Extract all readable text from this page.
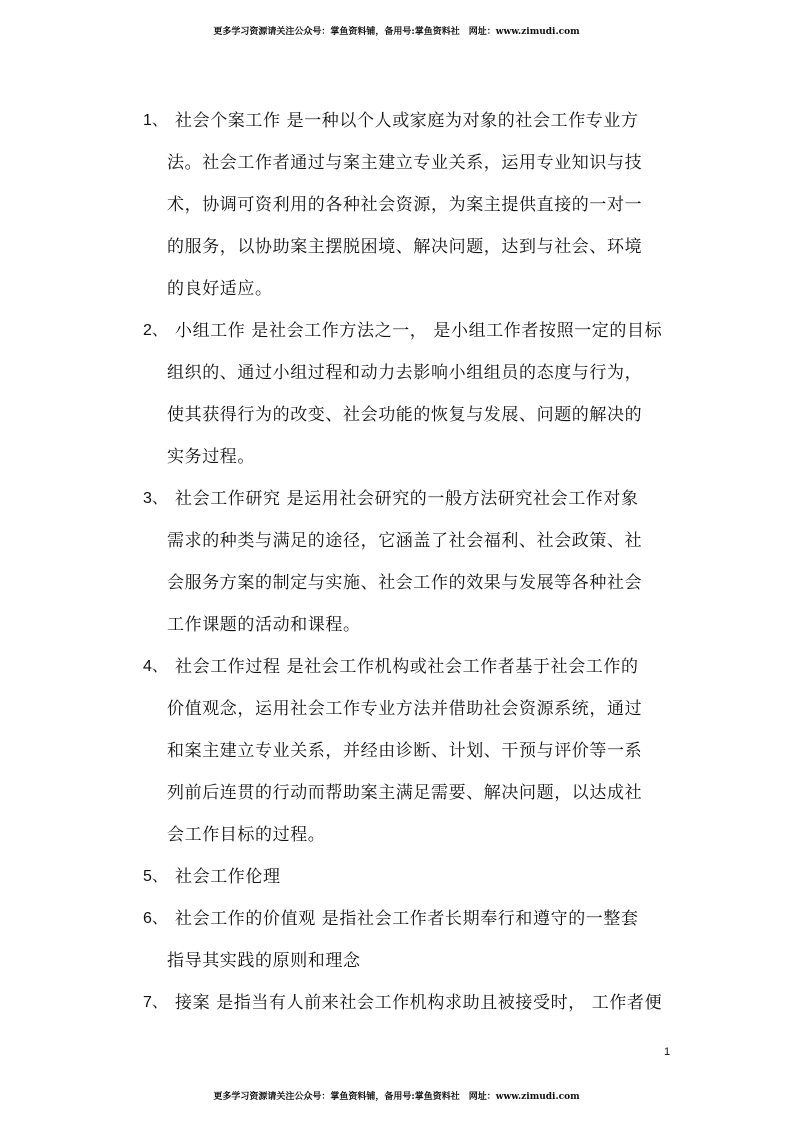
更多学习资源请关注公众号：掌鱼资料铺，备用号:掌鱼资料社　网址：www.zimudi.com
1、 社会个案工作 是一种以个人或家庭为对象的社会工作专业方
法。社会工作者通过与案主建立专业关系，运用专业知识与技
术，协调可资利用的各种社会资源，为案主提供直接的一对一
的服务，以协助案主摆脱困境、解决问题，达到与社会、环境
的良好适应。
2、 小组工作 是社会工作方法之一， 是小组工作者按照一定的目标
组织的、通过小组过程和动力去影响小组组员的态度与行为，
使其获得行为的改变、社会功能的恢复与发展、问题的解决的
实务过程。
3、 社会工作研究 是运用社会研究的一般方法研究社会工作对象
需求的种类与满足的途径，它涵盖了社会福利、社会政策、社
会服务方案的制定与实施、社会工作的效果与发展等各种社会
工作课题的活动和课程。
4、 社会工作过程 是社会工作机构或社会工作者基于社会工作的
价值观念，运用社会工作专业方法并借助社会资源系统，通过
和案主建立专业关系，并经由诊断、计划、干预与评价等一系
列前后连贯的行动而帮助案主满足需要、解决问题，以达成社
会工作目标的过程。
5、 社会工作伦理
6、 社会工作的价值观 是指社会工作者长期奉行和遵守的一整套
指导其实践的原则和理念
7、 接案 是指当有人前来社会工作机构求助且被接受时， 工作者便
1
更多学习资源请关注公众号：掌鱼资料铺，备用号:掌鱼资料社　网址：www.zimudi.com
